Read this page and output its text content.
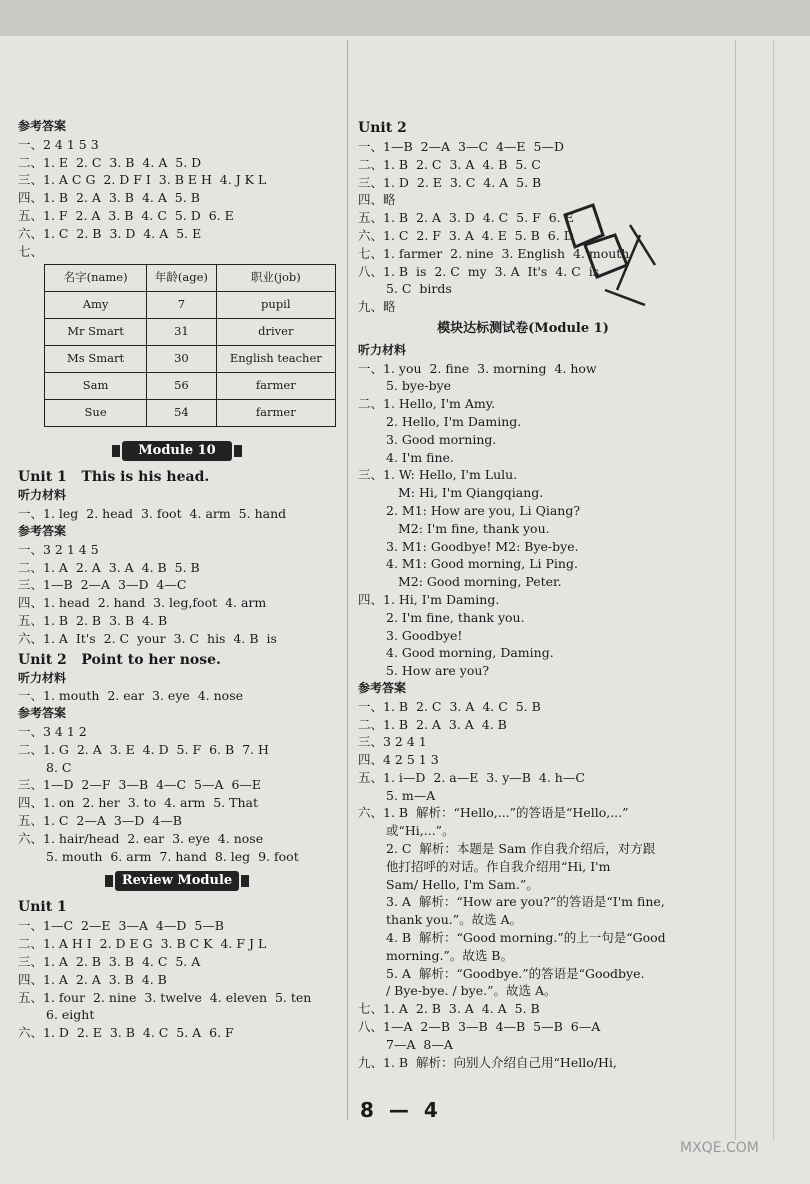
参考答案
一、2 4 1 5 3
二、1. E  2. C  3. B  4. A  5. D
三、1. A C G  2. D F I  3. B E H  4. J K L
四、1. B  2. A  3. B  4. A  5. B
五、1. F  2. A  3. B  4. C  5. D  6. E
六、1. C  2. B  3. D  4. A  5. E
七、
名字(name)	年龄(age)	职业(job)
Amy	7	pupil
Mr Smart	31	driver
Ms Smart	30	English teacher
Sam	56	farmer
Sue	54	farmer
Module 10
Unit 1   This is his head.
听力材料
一、1. leg  2. head  3. foot  4. arm  5. hand
参考答案
一、3 2 1 4 5
二、1. A  2. A  3. A  4. B  5. B
三、1—B  2—A  3—D  4—C
四、1. head  2. hand  3. leg,foot  4. arm
五、1. B  2. B  3. B  4. B
六、1. A  It's  2. C  your  3. C  his  4. B  is
Unit 2   Point to her nose.
听力材料
一、1. mouth  2. ear  3. eye  4. nose
参考答案
一、3 4 1 2
二、1. G  2. A  3. E  4. D  5. F  6. B  7. H
8. C
三、1—D  2—F  3—B  4—C  5—A  6—E
四、1. on  2. her  3. to  4. arm  5. That
五、1. C  2—A  3—D  4—B
六、1. hair/head  2. ear  3. eye  4. nose
5. mouth  6. arm  7. hand  8. leg  9. foot
Review Module
Unit 1
一、1—C  2—E  3—A  4—D  5—B
二、1. A H I  2. D E G  3. B C K  4. F J L
三、1. A  2. B  3. B  4. C  5. A
四、1. A  2. A  3. B  4. B
五、1. four  2. nine  3. twelve  4. eleven  5. ten
6. eight
六、1. D  2. E  3. B  4. C  5. A  6. F
Unit 2
一、1—B  2—A  3—C  4—E  5—D
二、1. B  2. C  3. A  4. B  5. C
三、1. D  2. E  3. C  4. A  5. B
四、略
五、1. B  2. A  3. D  4. C  5. F  6. E
六、1. C  2. F  3. A  4. E  5. B  6. D
七、1. farmer  2. nine  3. English  4. mouth
八、1. B  is  2. C  my  3. A  It's  4. C  is
5. C  birds
九、略
模块达标测试卷(Module 1)
听力材料
一、1. you  2. fine  3. morning  4. how
5. bye-bye
二、1. Hello, I'm Amy.
2. Hello, I'm Daming.
3. Good morning.
4. I'm fine.
三、1. W: Hello, I'm Lulu.
M: Hi, I'm Qiangqiang.
2. M1: How are you, Li Qiang?
M2: I'm fine, thank you.
3. M1: Goodbye! M2: Bye-bye.
4. M1: Good morning, Li Ping.
M2: Good morning, Peter.
四、1. Hi, I'm Daming.
2. I'm fine, thank you.
3. Goodbye!
4. Good morning, Daming.
5. How are you?
参考答案
一、1. B  2. C  3. A  4. C  5. B
二、1. B  2. A  3. A  4. B
三、3 2 4 1
四、4 2 5 1 3
五、1. i—D  2. a—E  3. y—B  4. h—C
5. m—A
六、1. B  解析：“Hello,...”的答语是“Hello,...”
或“Hi,...”。
2. C  解析：本题是 Sam 作自我介绍后，对方跟
他打招呼的对话。作自我介绍用“Hi, I'm
Sam/ Hello, I'm Sam.”。
3. A  解析：“How are you?”的答语是“I'm fine,
thank you.”。故选 A。
4. B  解析：“Good morning.”的上一句是“Good
morning.”。故选 B。
5. A  解析：“Goodbye.”的答语是“Goodbye.
/ Bye-bye. / bye.”。故选 A。
七、1. A  2. B  3. A  4. A  5. B
八、1—A  2—B  3—B  4—B  5—B  6—A
7—A  8—A
九、1. B  解析：向别人介绍自己用“Hello/Hi,
8 — 4
MXQE.COM
